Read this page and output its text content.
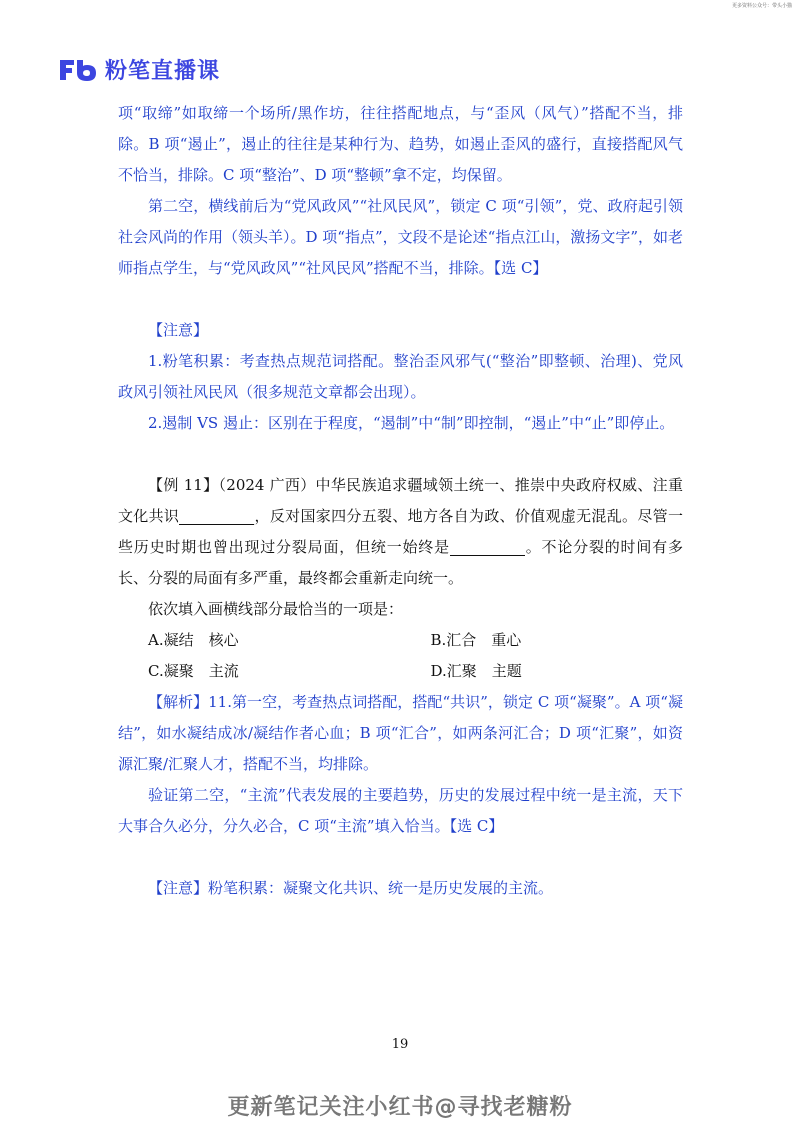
更多资料公众号：带头小猫
粉笔直播课

项“取缔”如取缔一个场所/黑作坊，往往搭配地点，与“歪风（风气）”搭配不当，排除。B 项“遏止”，遏止的往往是某种行为、趋势，如遏止歪风的盛行，直接搭配风气不恰当，排除。C 项“整治”、D 项“整顿”拿不定，均保留。

第二空，横线前后为“党风政风”“社风民风”，锁定 C 项“引领”，党、政府起引领社会风尚的作用（领头羊）。D 项“指点”，文段不是论述“指点江山，激扬文字”，如老师指点学生，与“党风政风”“社风民风”搭配不当，排除。【选 C】

【注意】

1.粉笔积累：考查热点规范词搭配。整治歪风邪气(“整治”即整顿、治理)、党风政风引领社风民风（很多规范文章都会出现）。

2.遏制 VS 遏止：区别在于程度，“遏制”中“制”即控制，“遏止”中“止”即停止。

【例 11】（2024 广西）中华民族追求疆域领土统一、推崇中央政府权威、注重文化共识 ______，反对国家四分五裂、地方各自为政、价值观虚无混乱。尽管一些历史时期也曾出现过分裂局面，但统一始终是 ______。不论分裂的时间有多长、分裂的局面有多严重，最终都会重新走向统一。

依次填入画横线部分最恰当的一项是：

A.凝结　核心	B.汇合　重心
C.凝聚　主流	D.汇聚　主题

【解析】11.第一空，考查热点词搭配，搭配“共识”，锁定 C 项“凝聚”。A 项“凝结”，如水凝结成冰/凝结作者心血；B 项“汇合”，如两条河汇合；D 项“汇聚”，如资源汇聚/汇聚人才，搭配不当，均排除。

验证第二空，“主流”代表发展的主要趋势，历史的发展过程中统一是主流，天下大事合久必分，分久必合，C 项“主流”填入恰当。【选 C】

【注意】粉笔积累：凝聚文化共识、统一是历史发展的主流。

19
更新笔记关注小红书@寻找老糖粉
